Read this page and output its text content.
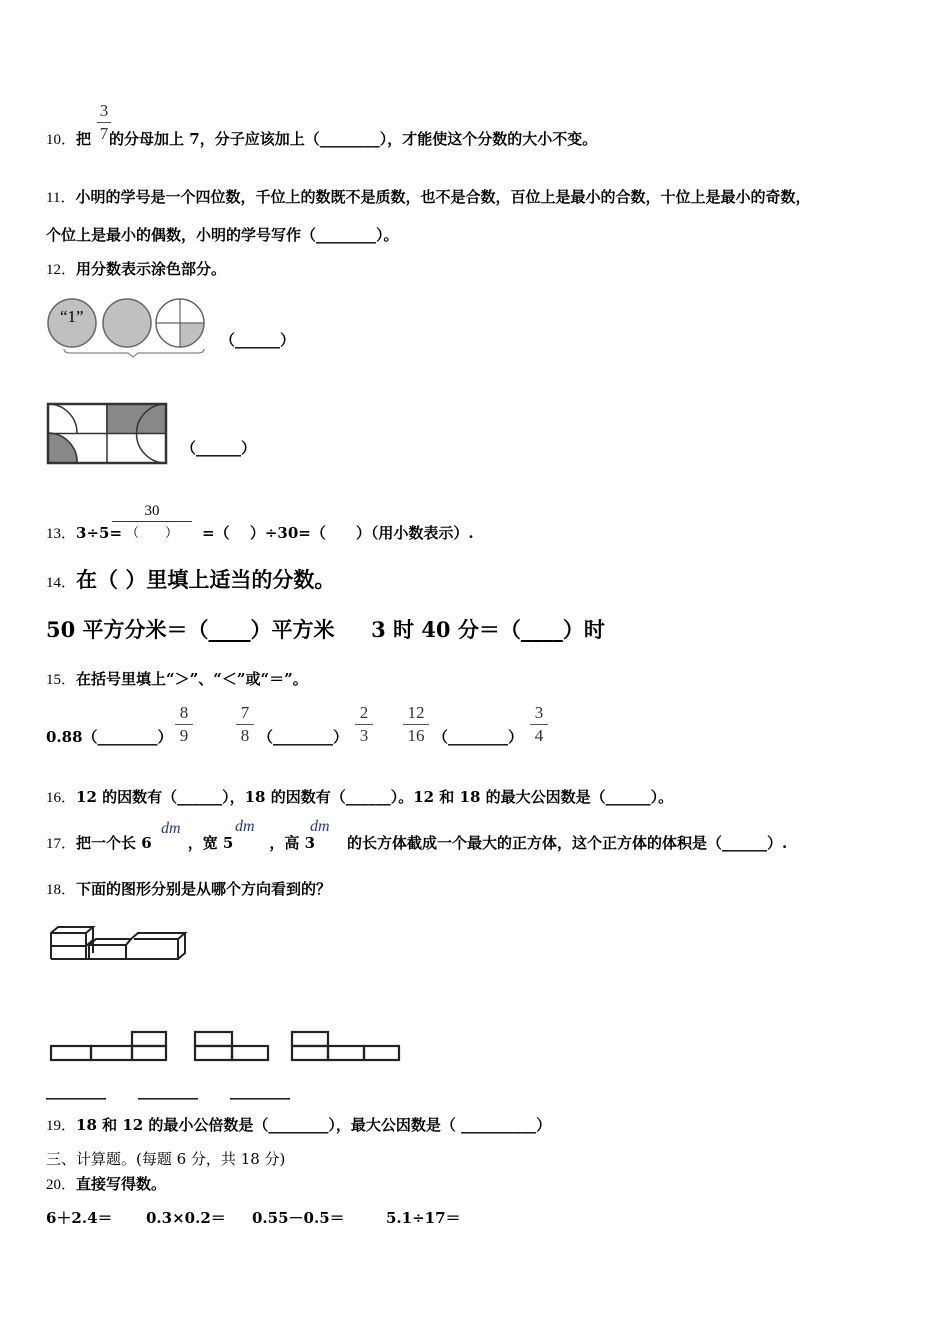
10．把 的分母加上 7，分子应该加上（________），才能使这个分数的大小不变。
3
7
11．小明的学号是一个四位数，千位上的数既不是质数，也不是合数，百位上是最小的合数，十位上是最小的奇数，
个位上是最小的偶数，小明的学号写作（________）。
12．用分数表示涂色部分。
“1”
（______）
（______）
13．3÷5=	=（　 ）÷30=（　　）（用小数表示）.
30
（　　）
14．在（ ）里填上适当的分数。
50 平方分米＝（____）平方米     3 时 40 分＝（____）时
15．在括号里填上“＞”、“＜”或“＝”。
0.88（________）
8
9
7
8 （________）
2
3
12
16 （________）
3
4
16．12 的因数有（______），18 的因数有（______）。12 和 18 的最大公因数是（______）。
17．把一个长 6 ，宽 5 ，高 3 的长方体截成一个最大的正方体，这个正方体的体积是（______）.
dm	dm	dm
18．下面的图形分别是从哪个方向看到的？
________ ________ ________
19．18 和 12 的最小公倍数是（________），最大公因数是（ __________）
三、计算题。(每题 6 分，共 18 分)
20．直接写得数。
6＋2.4＝ 0.3×0.2＝ 0.55－0.5＝	5.1÷17＝
